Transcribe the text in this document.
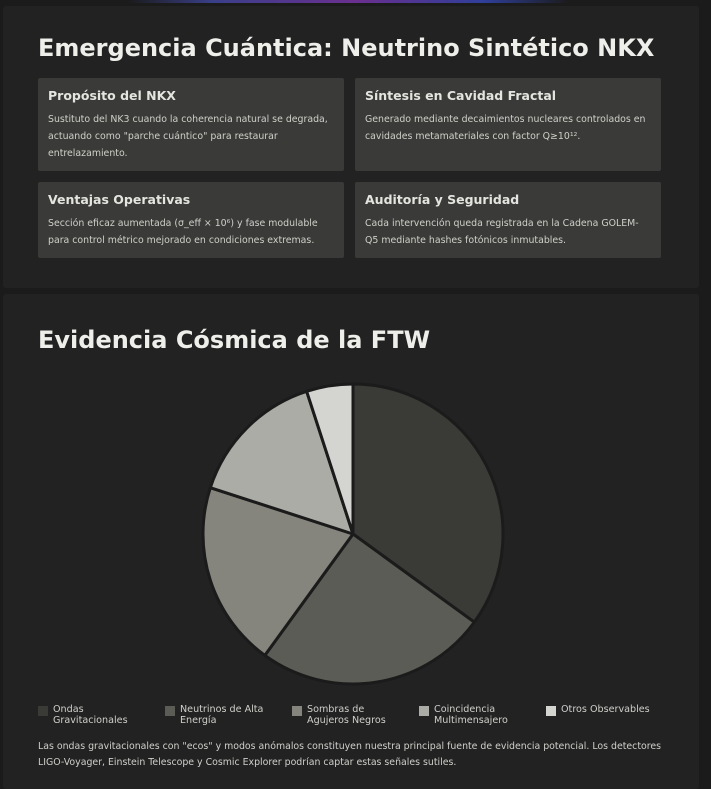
Emergencia Cuántica: Neutrino Sintético NKX
Propósito del NKX

Sustituto del NK3 cuando la coherencia natural se degrada, actuando como "parche cuántico" para restaurar entrelazamiento.

Síntesis en Cavidad Fractal

Generado mediante decaimientos nucleares controlados en cavidades metamateriales con factor Q≥10¹².

Ventajas Operativas

Sección eficaz aumentada (σ_eff × 10⁶) y fase modulable para control métrico mejorado en condiciones extremas.

Auditoría y Seguridad

Cada intervención queda registrada en la Cadena GOLEM-Q5 mediante hashes fotónicos inmutables.

Evidencia Cósmica de la FTW
Ondas
Gravitacionales
Neutrinos de Alta
Energía
Sombras de
Agujeros Negros
Coincidencia
Multimensajero
Otros Observables

Las ondas gravitacionales con "ecos" y modos anómalos constituyen nuestra principal fuente de evidencia potencial. Los detectores LIGO-Voyager, Einstein Telescope y Cosmic Explorer podrían captar estas señales sutiles.
